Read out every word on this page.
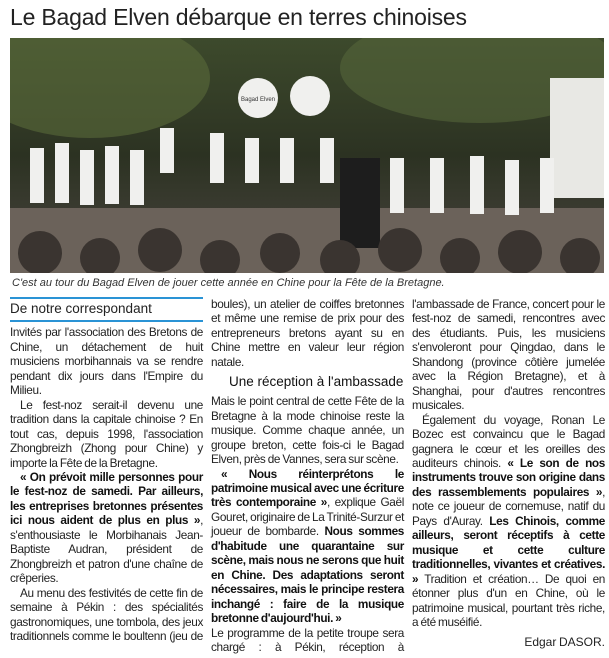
Le Bagad Elven débarque en terres chinoises
Bagad Elven
C'est au tour du Bagad Elven de jouer cette année en Chine pour la Fête de la Bretagne.
De notre correspondant

Invités par l'association des Bretons de Chine, un détachement de huit musiciens morbihannais va se rendre pendant dix jours dans l'Empire du Milieu.

Le fest-noz serait-il devenu une tradition dans la capitale chinoise ? En tout cas, depuis 1998, l'association Zhongbreizh (Zhong pour Chine) y importe la Fête de la Bretagne.

« On prévoit mille personnes pour le fest-noz de samedi. Par ailleurs, les entreprises bretonnes présentes ici nous aident de plus en plus », s'enthousiaste le Morbihanais Jean-Baptiste Audran, président de Zhongbreizh et patron d'une chaîne de crêperies.

Au menu des festivités de cette fin de semaine à Pékin : des spécialités gastronomiques, une tombola, des jeux traditionnels comme le boultenn (jeu de boules), un atelier de coiffes bretonnes et même une remise de prix pour des entrepreneurs bretons ayant su en Chine mettre en valeur leur région natale.

Une réception à l'ambassade

Mais le point central de cette Fête de la Bretagne à la mode chinoise reste la musique. Comme chaque année, un groupe breton, cette fois-ci le Bagad Elven, près de Vannes, sera sur scène.

« Nous réinterprétons le patrimoine musical avec une écriture très contemporaine », explique Gaël Gouret, originaire de La Trinité-Surzur et joueur de bombarde. Nous sommes d'habitude une quarantaine sur scène, mais nous ne serons que huit en Chine. Des adaptations seront nécessaires, mais le principe restera inchangé : faire de la musique bretonne d'aujourd'hui. »

Le programme de la petite troupe sera chargé : à Pékin, réception à l'ambassade de France, concert pour le fest-noz de samedi, rencontres avec des étudiants. Puis, les musiciens s'envoleront pour Qingdao, dans le Shandong (province côtière jumelée avec la Région Bretagne), et à Shanghai, pour d'autres rencontres musicales.

Également du voyage, Ronan Le Bozec est convaincu que le Bagad gagnera le cœur et les oreilles des auditeurs chinois. « Le son de nos instruments trouve son origine dans des rassemblements populaires », note ce joueur de cornemuse, natif du Pays d'Auray. Les Chinois, comme ailleurs, seront réceptifs à cette musique et cette culture traditionnelles, vivantes et créatives. » Tradition et création… De quoi en étonner plus d'un en Chine, où le patrimoine musical, pourtant très riche, a été muséifié.

Edgar DASOR.
